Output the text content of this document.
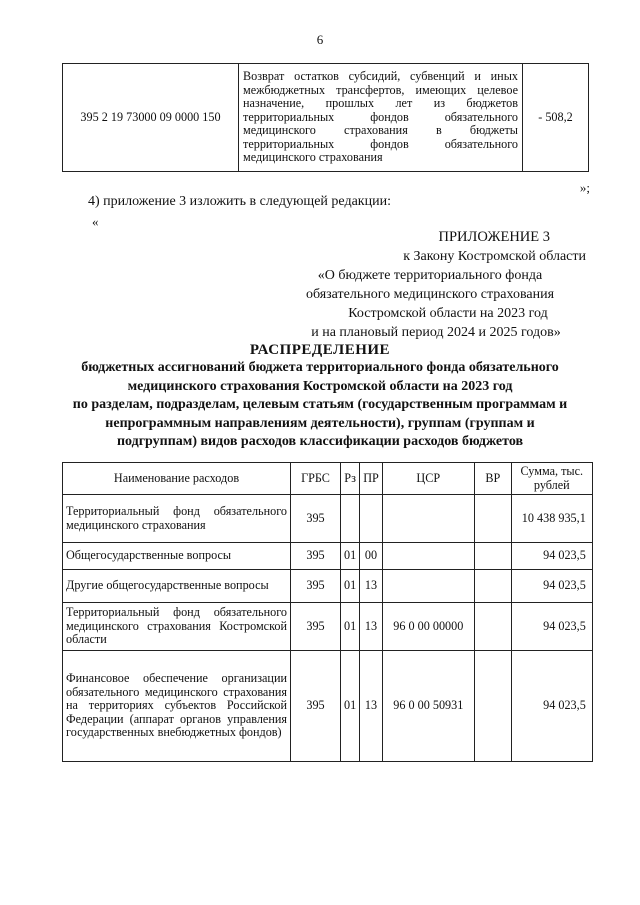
6
395 2 19 73000 09 0000 150	Возврат остатков субсидий, субвенций и иных межбюджетных трансфертов, имеющих целевое назначение, прошлых лет из бюджетов территориальных фондов обязательного медицинского страхования в бюджеты территориальных фондов обязательного медицинского страхования	- 508,2
»;
4) приложение 3 изложить в следующей редакции:
«
ПРИЛОЖЕНИЕ 3
к Закону Костромской области
«О бюджете территориального фонда
обязательного медицинского страхования
Костромской области на 2023 год
и на плановый период 2024 и 2025 годов»
РАСПРЕДЕЛЕНИЕ
бюджетных ассигнований бюджета территориального фонда обязательного
медицинского страхования Костромской области на 2023 год
по разделам, подразделам, целевым статьям (государственным программам и
непрограммным направлениям деятельности), группам (группам и
подгруппам) видов расходов классификации расходов бюджетов
Наименование расходов	ГРБС	Рз	ПР	ЦСР	ВР	Сумма, тыс. рублей
Территориальный фонд обязательного медицинского страхования	395					10 438 935,1
Общегосударственные вопросы	395	01	00			94 023,5
Другие общегосударственные вопросы	395	01	13			94 023,5
Территориальный фонд обязательного медицинского страхования Костромской области	395	01	13	96 0 00 00000		94 023,5
Финансовое обеспечение организации обязательного медицинского страхования на территориях субъектов Российской Федерации (аппарат органов управления государственных внебюджетных фондов)	395	01	13	96 0 00 50931		94 023,5
